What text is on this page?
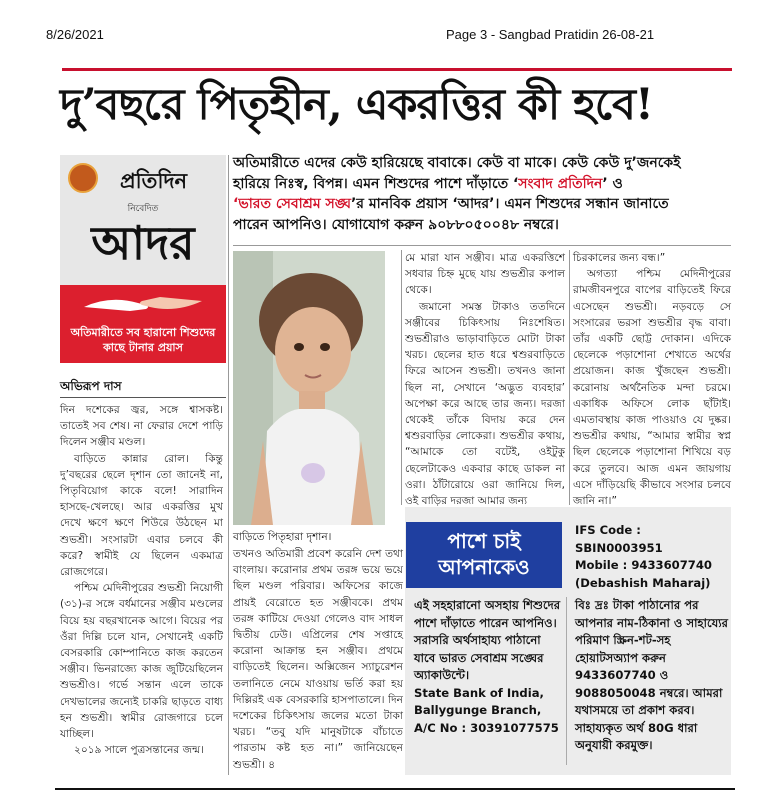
8/26/2021	Page 3 - Sangbad Pratidin 26-08-21
দু’বছরে পিতৃহীন, একরত্তির কী হবে!
প্রতিদিন
নিবেদিত
আদর
অতিমারীতে সব হারানো শিশুদের কাছে টানার প্রয়াস
অভিরূপ দাস
অতিমারীতে এদের কেউ হারিয়েছে বাবাকে। কেউ বা মাকে। কেউ কেউ দু’জনকেই
হারিয়ে নিঃস্ব, বিপন্ন। এমন শিশুদের পাশে দাঁড়াতে ‘সংবাদ প্রতিদিন’ ও
‘ভারত সেবাশ্রম সঙ্ঘ’র মানবিক প্রয়াস ‘আদর’। এমন শিশুদের সন্ধান জানাতে
পারেন আপনিও। যোগাযোগ করুন ৯০৮৮০৫০০৪৮ নম্বরে।

দিন দশেকের জ্বর, সঙ্গে শ্বাসকষ্ট। তাতেই সব শেষ। না ফেরার দেশে পাড়ি দিলেন সঞ্জীব মণ্ডল।

বাড়িতে কান্নার রোল। কিন্তু দু’বছরের ছেলে দৃশান তো জানেই না, পিতৃবিয়োগ কাকে বলে! সারাদিন হাসছে-খেলছে। আর একরত্তির মুখ দেখে ক্ষণে ক্ষণে শিউরে উঠছেন মা শুভশ্রী। সংসারটা এবার চলবে কী করে? স্বামীই যে ছিলেন একমাত্র রোজগেরে।

পশ্চিম মেদিনীপুরের শুভশ্রী নিয়োগী (৩১)-র সঙ্গে বর্ধমানের সঞ্জীব মণ্ডলের বিয়ে হয় বছরখানেক আগে। বিয়ের পর ওঁরা দিল্লি চলে যান, সেখানেই একটি বেসরকারি কোম্পানিতে কাজ করতেন সঞ্জীব। ভিনরাজ্যে কাজ জুটিয়েছিলেন শুভশ্রীও। গর্ভে সন্তান এলে তাকে দেখভালের জন্যেই চাকরি ছাড়তে বাধ্য হন শুভশ্রী। স্বামীর রোজগারে চলে যাচ্ছিল।

২০১৯ সালে পুত্রসন্তানের জন্ম।

বাড়িতে পিতৃহারা দৃশান।

তখনও অতিমারী প্রবেশ করেনি দেশ তথা বাংলায়। করোনার প্রথম তরঙ্গ ভয়ে ভয়ে ছিল মণ্ডল পরিবার। অফিসের কাজে প্রায়ই বেরোতে হত সঞ্জীবকে। প্রথম তরঙ্গ কাটিয়ে দেওয়া গেলেও বাদ সাধল দ্বিতীয় ঢেউ। এপ্রিলের শেষ সপ্তাহে করোনা আক্রান্ত হন সঞ্জীব। প্রথমে বাড়িতেই ছিলেন। অক্সিজেন স্যাচুরেশন তলানিতে নেমে যাওয়ায় ভর্তি করা হয় দিল্লিরই এক বেসরকারি হাসপাতালে। দিন দশেকের চিকিৎসায় জলের মতো টাকা খরচ। “তবু যদি মানুষটাকে বাঁচাতে পারতাম কষ্ট হত না।” জানিয়েছেন শুভশ্রী। ৪

মে মারা যান সঞ্জীব। মাত্র একরত্তিশে সধবার চিহ্ন মুছে যায় শুভশ্রীর কপাল থেকে।

জমানো সমস্ত টাকাও ততদিনে সঞ্জীবের চিকিৎসায় নিঃশেষিত। শুভশ্রীরাও ভাড়াবাড়িতে মোটা টাকা খরচ। ছেলের হাত ধরে শ্বশুরবাড়িতে ফিরে আসেন শুভশ্রী। তখনও জানা ছিল না, সেখানে ‘অদ্ভুত ব্যবহার’ অপেক্ষা করে আছে তার জন্য। দরজা থেকেই তাঁকে বিদায় করে দেন শ্বশুরবাড়ির লোকেরা। শুভশ্রীর কথায়, “আমাকে তো বটেই, ওইটুকু ছেলেটাকেও একবার কাছে ডাকল না ওরা। ঠাঁটারোয়ে ওরা জানিয়ে দিল, ওই বাড়ির দরজা আমার জন্য

চিরকালের জন্য বন্ধ।”

অগত্যা পশ্চিম মেদিনীপুরের রামজীবনপুরে বাপের বাড়িতেই ফিরে এসেছেন শুভশ্রী। নড়বড়ে সে সংসারের ভরসা শুভশ্রীর বৃদ্ধ বাবা। তাঁর একটি ছোট্ট দোকান। এদিকে ছেলেকে পড়াশোনা শেখাতে অর্থের প্রয়োজন। কাজ খুঁজছেন শুভশ্রী। করোনায় অর্থনৈতিক মন্দা চরমে। একাধিক অফিসে লোক ছাঁটাই। এমতাবস্থায় কাজ পাওয়াও যে দুষ্কর। শুভশ্রীর কথায়, “আমার স্বামীর স্বপ্ন ছিল ছেলেকে পড়াশোনা শিখিয়ে বড় করে তুলবে। আজ এমন জায়গায় এসে দাঁড়িয়েছি কীভাবে সংসার চলবে জানি না।”

পাশে চাই
আপনাকেও
IFS Code : SBIN0003951
Mobile : 9433607740
(Debashish Maharaj)
এই সহহারানো অসহায় শিশুদের পাশে দাঁড়াতে পারেন আপনিও। সরাসরি অর্থসাহায্য পাঠানো যাবে ভারত সেবাশ্রম সঙ্ঘের অ্যাকাউন্টে।
State Bank of India,
Ballygunge Branch,
A/C No : 30391077575
বিঃ দ্রঃ টাকা পাঠানোর পর আপনার নাম-ঠিকানা ও সাহায্যের পরিমাণ স্ক্রিন-শট-সহ হোয়াটসঅ্যাপ করুন 9433607740 ও 9088050048 নম্বরে। আমরা যথাসময়ে তা প্রকাশ করব। সাহায্যকৃত অর্থ 80G ধারা অনুযায়ী করমুক্ত।
